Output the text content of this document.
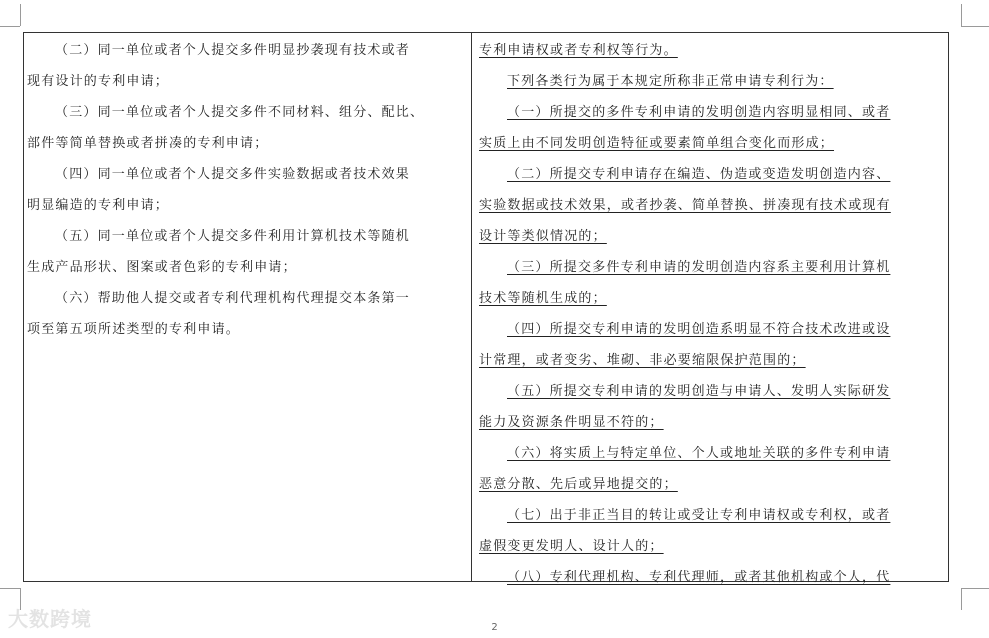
（二）同一单位或者个人提交多件明显抄袭现有技术或者
现有设计的专利申请；
（三）同一单位或者个人提交多件不同材料、组分、配比、
部件等简单替换或者拼凑的专利申请；
（四）同一单位或者个人提交多件实验数据或者技术效果
明显编造的专利申请；
（五）同一单位或者个人提交多件利用计算机技术等随机
生成产品形状、图案或者色彩的专利申请；
（六）帮助他人提交或者专利代理机构代理提交本条第一
项至第五项所述类型的专利申请。
专利申请权或者专利权等行为。
下列各类行为属于本规定所称非正常申请专利行为：
（一）所提交的多件专利申请的发明创造内容明显相同、或者
实质上由不同发明创造特征或要素简单组合变化而形成；
（二）所提交专利申请存在编造、伪造或变造发明创造内容、
实验数据或技术效果，或者抄袭、简单替换、拼凑现有技术或现有
设计等类似情况的；
（三）所提交多件专利申请的发明创造内容系主要利用计算机
技术等随机生成的；
（四）所提交专利申请的发明创造系明显不符合技术改进或设
计常理，或者变劣、堆砌、非必要缩限保护范围的；
（五）所提交专利申请的发明创造与申请人、发明人实际研发
能力及资源条件明显不符的；
（六）将实质上与特定单位、个人或地址关联的多件专利申请
恶意分散、先后或异地提交的；
（七）出于非正当目的转让或受让专利申请权或专利权，或者
虚假变更发明人、设计人的；
（八）专利代理机构、专利代理师，或者其他机构或个人，代
大数跨境	2
